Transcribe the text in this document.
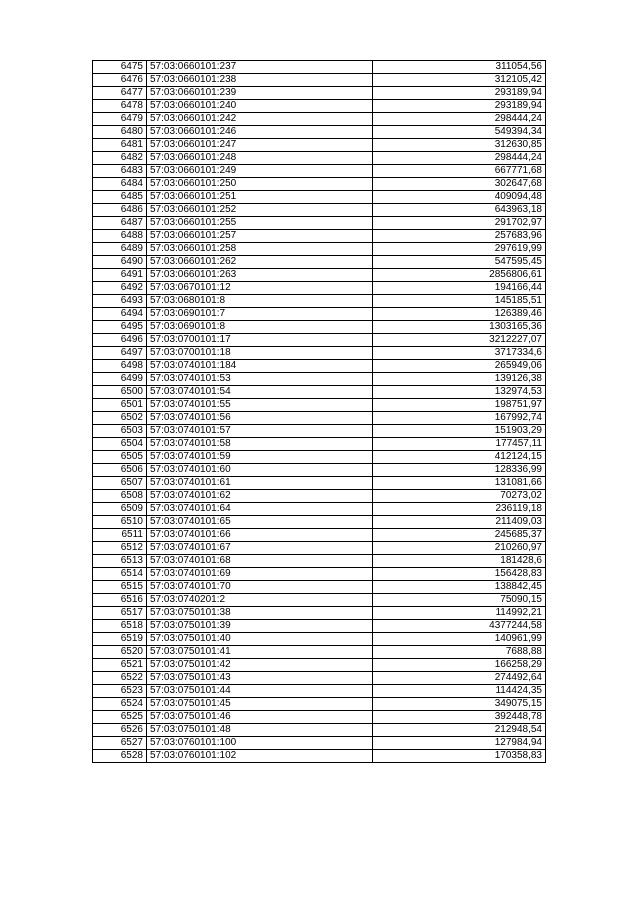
6475	57:03:0660101:237	311054,56
6476	57:03:0660101:238	312105,42
6477	57:03:0660101:239	293189,94
6478	57:03:0660101:240	293189,94
6479	57:03:0660101:242	298444,24
6480	57:03:0660101:246	549394,34
6481	57:03:0660101:247	312630,85
6482	57:03:0660101:248	298444,24
6483	57:03:0660101:249	667771,68
6484	57:03:0660101:250	302647,68
6485	57:03:0660101:251	409094,48
6486	57:03:0660101:252	643963,18
6487	57:03:0660101:255	291702,97
6488	57:03:0660101:257	257683,96
6489	57:03:0660101:258	297619,99
6490	57:03:0660101:262	547595,45
6491	57:03:0660101:263	2856806,61
6492	57:03:0670101:12	194166,44
6493	57:03:0680101:8	145185,51
6494	57:03:0690101:7	126389,46
6495	57:03:0690101:8	1303165,36
6496	57:03:0700101:17	3212227,07
6497	57:03:0700101:18	3717334,6
6498	57:03:0740101:184	265949,06
6499	57:03:0740101:53	139126,38
6500	57:03:0740101:54	132974,53
6501	57:03:0740101:55	198751,97
6502	57:03:0740101:56	167992,74
6503	57:03:0740101:57	151903,29
6504	57:03:0740101:58	177457,11
6505	57:03:0740101:59	412124,15
6506	57:03:0740101:60	128336,99
6507	57:03:0740101:61	131081,66
6508	57:03:0740101:62	70273,02
6509	57:03:0740101:64	236119,18
6510	57:03:0740101:65	211409,03
6511	57:03:0740101:66	245685,37
6512	57:03:0740101:67	210260,97
6513	57:03:0740101:68	181428,6
6514	57:03:0740101:69	156428,83
6515	57:03:0740101:70	138842,45
6516	57:03:0740201:2	75090,15
6517	57:03:0750101:38	114992,21
6518	57:03:0750101:39	4377244,58
6519	57:03:0750101:40	140961,99
6520	57:03:0750101:41	7688,88
6521	57:03:0750101:42	166258,29
6522	57:03:0750101:43	274492,64
6523	57:03:0750101:44	114424,35
6524	57:03:0750101:45	349075,15
6525	57:03:0750101:46	392448,78
6526	57:03:0750101:48	212948,54
6527	57:03:0760101:100	127984,94
6528	57:03:0760101:102	170358,83
